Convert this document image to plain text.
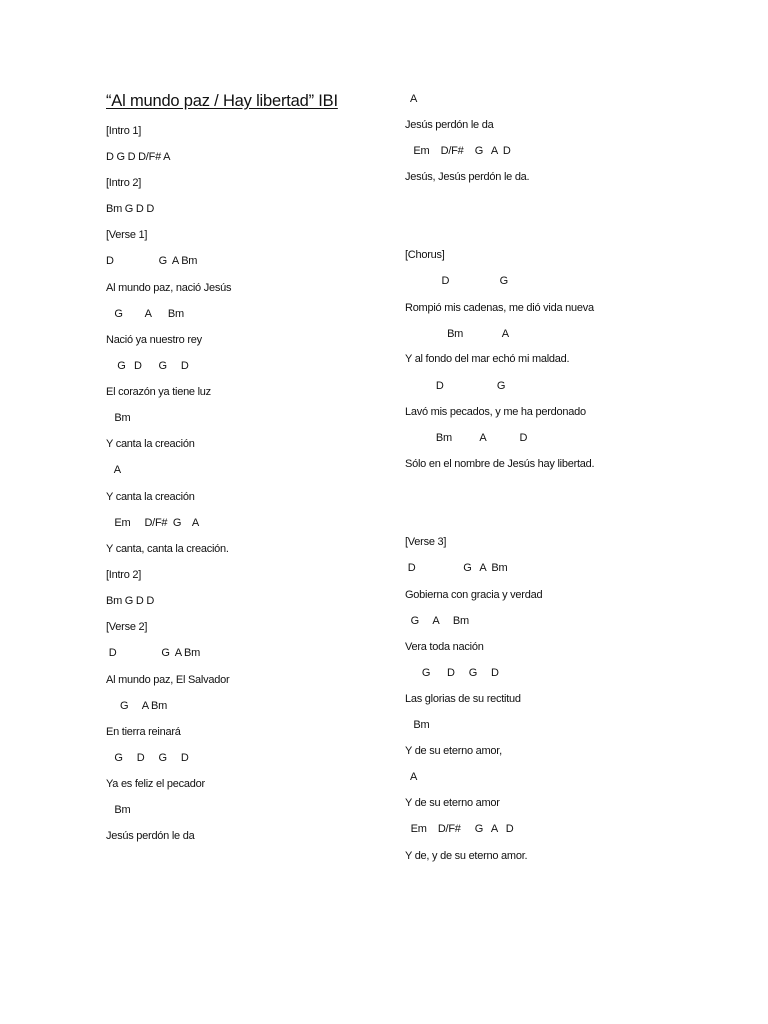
“Al mundo paz / Hay libertad” IBI
[Intro 1]
D G D D/F# A
[Intro 2]
Bm G D D
[Verse 1]
D                G  A Bm
Al mundo paz, nació Jesús
G        A      Bm
Nació ya nuestro rey
G   D      G     D
El corazón ya tiene luz
Bm
Y canta la creación
A
Y canta la creación
Em     D/F#  G    A
Y canta, canta la creación.
[Intro 2]
Bm G D D
[Verse 2]
D                G  A Bm
Al mundo paz, El Salvador
G     A Bm
En tierra reinará
G     D     G     D
Ya es feliz el pecador
Bm
Jesús perdón le da
A
Jesús perdón le da
Em    D/F#    G   A  D
Jesús, Jesús perdón le da.
[Chorus]
D                  G
Rompió mis cadenas, me dió vida nueva
Bm              A
Y al fondo del mar echó mi maldad.
D                   G
Lavó mis pecados, y me ha perdonado
Bm          A            D
Sólo en el nombre de Jesús hay libertad.
[Verse 3]
D                 G   A  Bm
Gobierna con gracia y verdad
G     A     Bm
Vera toda nación
G      D     G     D
Las glorias de su rectitud
Bm
Y de su eterno amor,
A
Y de su eterno amor
Em    D/F#     G   A   D
Y de, y de su eterno amor.
